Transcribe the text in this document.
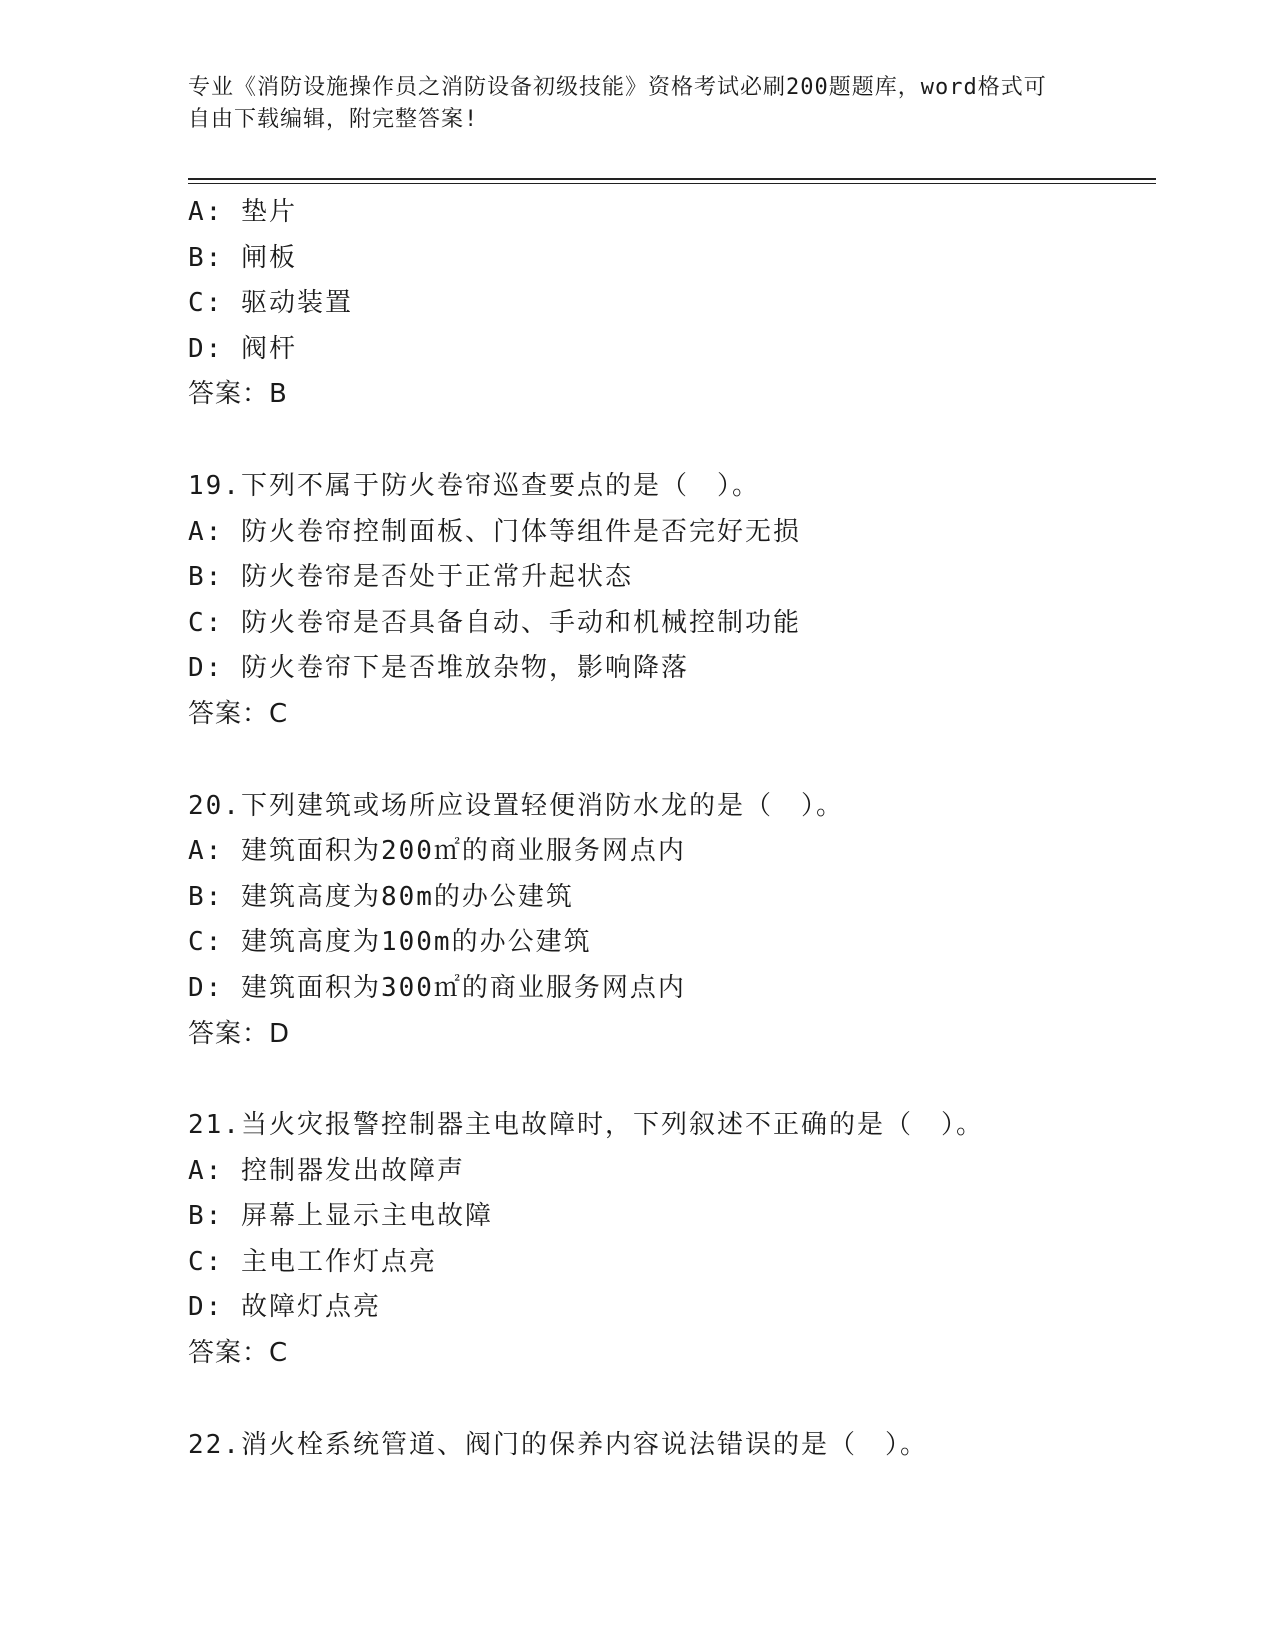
专业《消防设施操作员之消防设备初级技能》资格考试必刷200题题库，word格式可自由下载编辑，附完整答案!
A: 垫片
B: 闸板
C: 驱动装置
D: 阀杆
答案：B
19.下列不属于防火卷帘巡查要点的是（　）。
A: 防火卷帘控制面板、门体等组件是否完好无损
B: 防火卷帘是否处于正常升起状态
C: 防火卷帘是否具备自动、手动和机械控制功能
D: 防火卷帘下是否堆放杂物，影响降落
答案：C
20.下列建筑或场所应设置轻便消防水龙的是（　）。
A: 建筑面积为200㎡的商业服务网点内
B: 建筑高度为80m的办公建筑
C: 建筑高度为100m的办公建筑
D: 建筑面积为300㎡的商业服务网点内
答案：D
21.当火灾报警控制器主电故障时，下列叙述不正确的是（　）。
A: 控制器发出故障声
B: 屏幕上显示主电故障
C: 主电工作灯点亮
D: 故障灯点亮
答案：C
22.消火栓系统管道、阀门的保养内容说法错误的是（　）。
